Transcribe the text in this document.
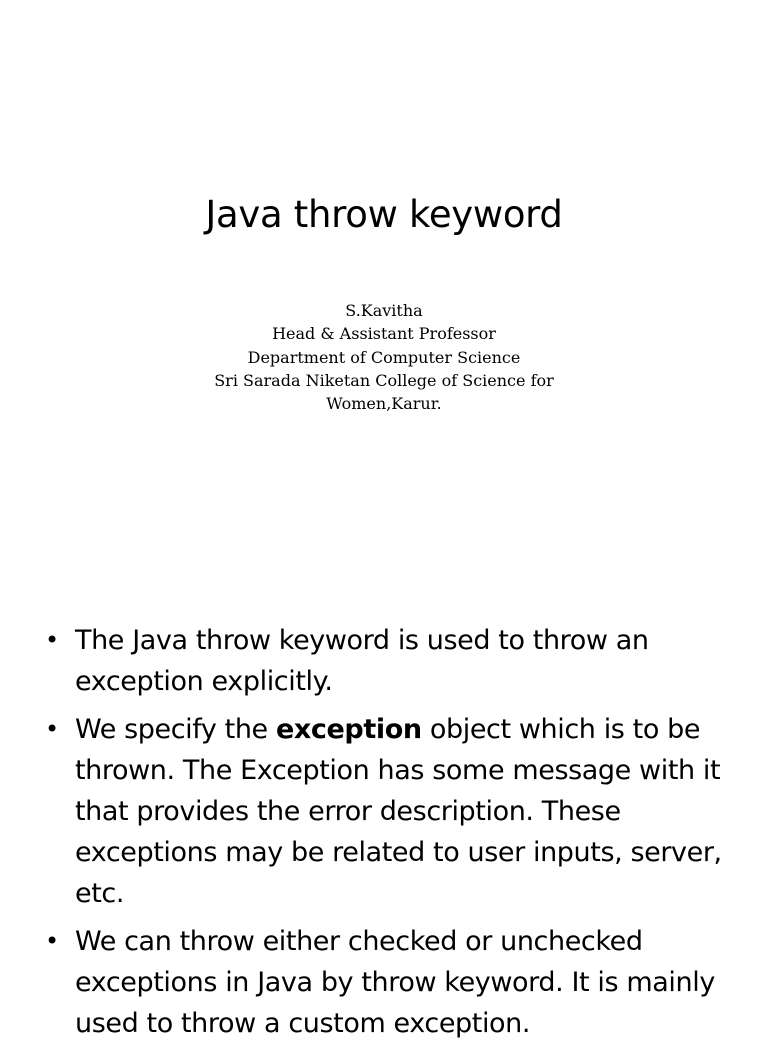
Java throw keyword

S.Kavitha

Head & Assistant Professor

Department of Computer Science

Sri Sarada Niketan College of Science for

Women,Karur.

• The Java throw keyword is used to throw an exception explicitly.
• We specify the exception object which is to be thrown. The Exception has some message with it that provides the error description. These exceptions may be related to user inputs, server, etc.
• We can throw either checked or unchecked exceptions in Java by throw keyword. It is mainly used to throw a custom exception.
